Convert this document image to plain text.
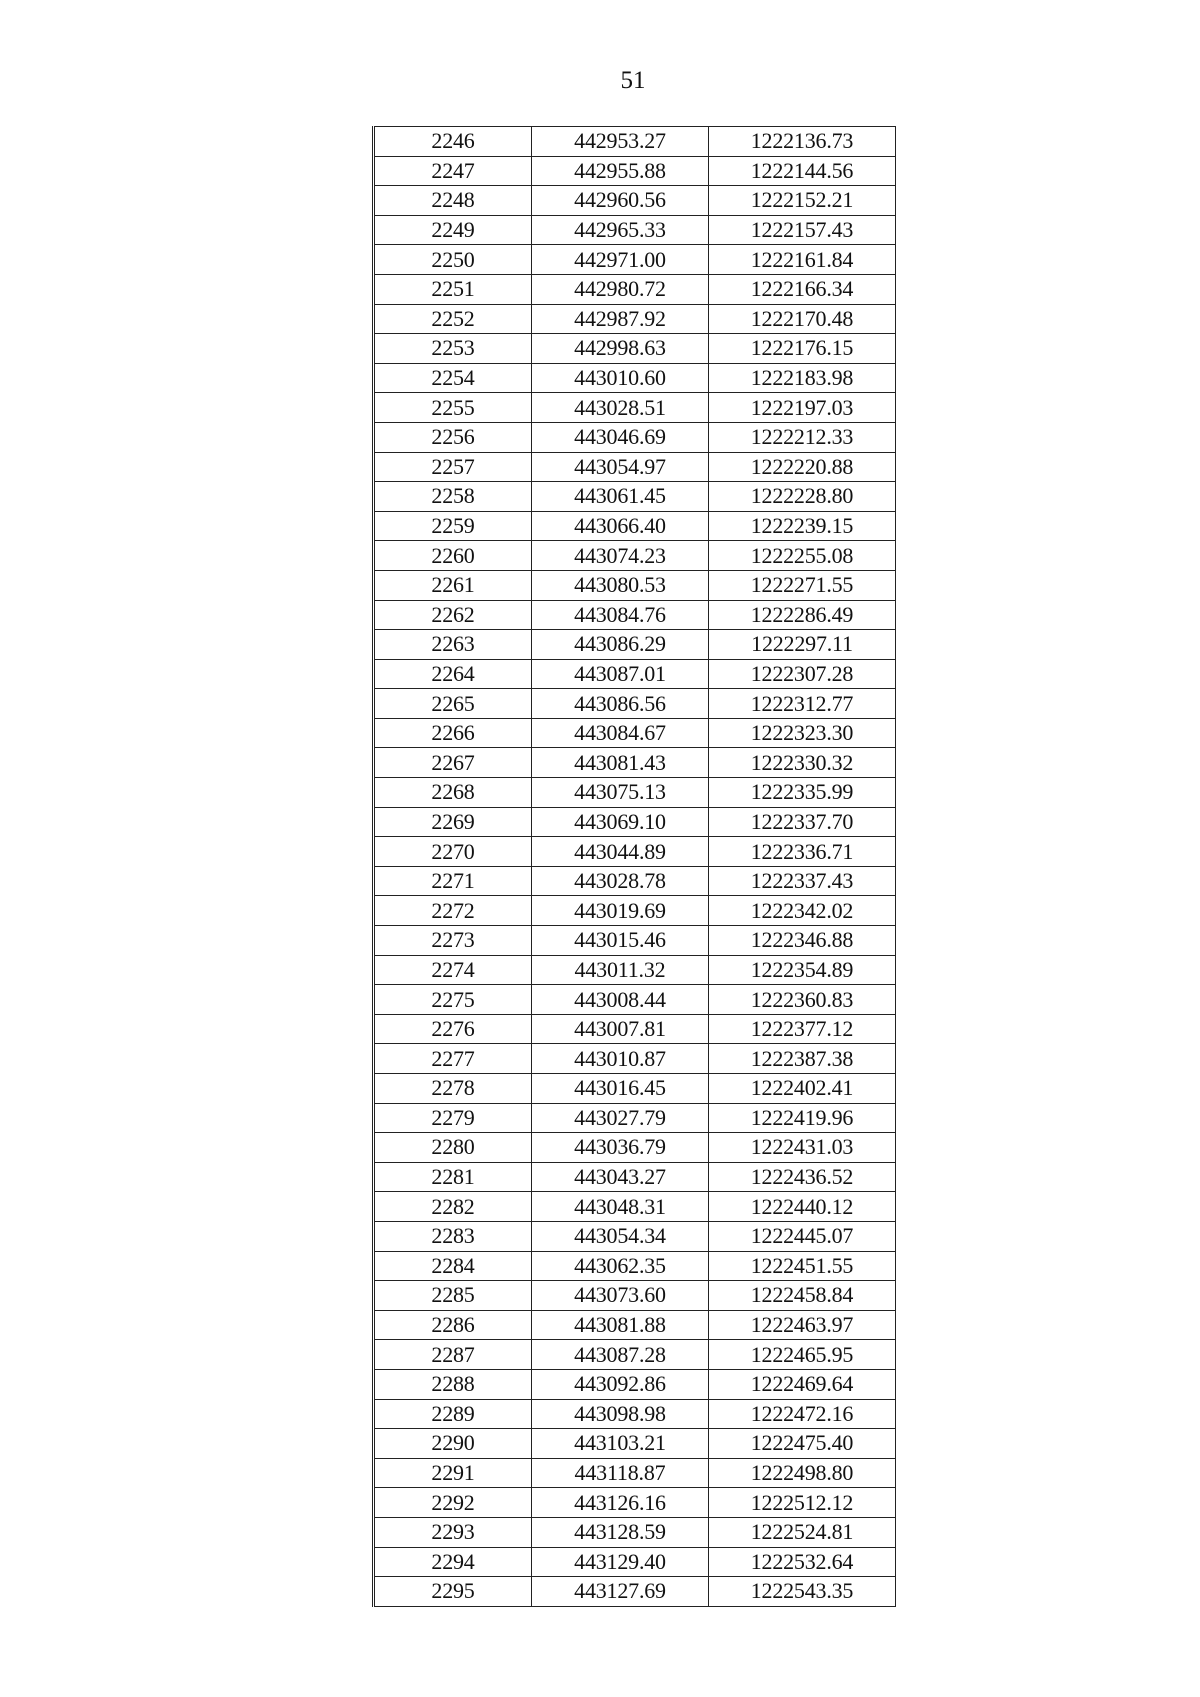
51
2246	442953.27	1222136.73
2247	442955.88	1222144.56
2248	442960.56	1222152.21
2249	442965.33	1222157.43
2250	442971.00	1222161.84
2251	442980.72	1222166.34
2252	442987.92	1222170.48
2253	442998.63	1222176.15
2254	443010.60	1222183.98
2255	443028.51	1222197.03
2256	443046.69	1222212.33
2257	443054.97	1222220.88
2258	443061.45	1222228.80
2259	443066.40	1222239.15
2260	443074.23	1222255.08
2261	443080.53	1222271.55
2262	443084.76	1222286.49
2263	443086.29	1222297.11
2264	443087.01	1222307.28
2265	443086.56	1222312.77
2266	443084.67	1222323.30
2267	443081.43	1222330.32
2268	443075.13	1222335.99
2269	443069.10	1222337.70
2270	443044.89	1222336.71
2271	443028.78	1222337.43
2272	443019.69	1222342.02
2273	443015.46	1222346.88
2274	443011.32	1222354.89
2275	443008.44	1222360.83
2276	443007.81	1222377.12
2277	443010.87	1222387.38
2278	443016.45	1222402.41
2279	443027.79	1222419.96
2280	443036.79	1222431.03
2281	443043.27	1222436.52
2282	443048.31	1222440.12
2283	443054.34	1222445.07
2284	443062.35	1222451.55
2285	443073.60	1222458.84
2286	443081.88	1222463.97
2287	443087.28	1222465.95
2288	443092.86	1222469.64
2289	443098.98	1222472.16
2290	443103.21	1222475.40
2291	443118.87	1222498.80
2292	443126.16	1222512.12
2293	443128.59	1222524.81
2294	443129.40	1222532.64
2295	443127.69	1222543.35
